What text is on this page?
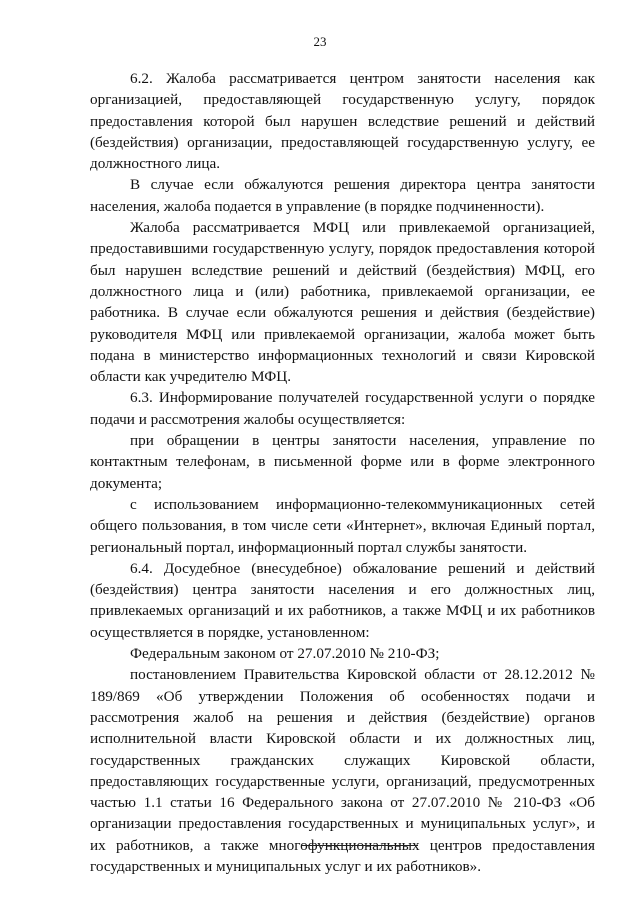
23

6.2. Жалоба рассматривается центром занятости населения как организацией, предоставляющей государственную услугу, порядок предоставления которой был нарушен вследствие решений и действий (бездействия) организации, предоставляющей государственную услугу, ее должностного лица.

В случае если обжалуются решения директора центра занятости населения, жалоба подается в управление (в порядке подчиненности).

Жалоба рассматривается МФЦ или привлекаемой организацией, предоставившими государственную услугу, порядок предоставления которой был нарушен вследствие решений и действий (бездействия) МФЦ, его должностного лица и (или) работника, привлекаемой организации, ее работника. В случае если обжалуются решения и действия (бездействие) руководителя МФЦ или привлекаемой организации, жалоба может быть подана в министерство информационных технологий и связи Кировской области как учредителю МФЦ.

6.3. Информирование получателей государственной услуги о порядке подачи и рассмотрения жалобы осуществляется:

при обращении в центры занятости населения, управление по контактным телефонам, в письменной форме или в форме электронного документа;

с использованием информационно-телекоммуникационных сетей общего пользования, в том числе сети «Интернет», включая Единый портал, региональный портал, информационный портал службы занятости.

6.4. Досудебное (внесудебное) обжалование решений и действий (бездействия) центра занятости населения и его должностных лиц, привлекаемых организаций и их работников, а также МФЦ и их работников осуществляется в порядке, установленном:

Федеральным законом от 27.07.2010 № 210-ФЗ;

постановлением Правительства Кировской области от 28.12.2012 № 189/869 «Об утверждении Положения об особенностях подачи и рассмотрения жалоб на решения и действия (бездействие) органов исполнительной власти Кировской области и их должностных лиц, государственных гражданских служащих Кировской области, предоставляющих государственные услуги, организаций, предусмотренных частью 1.1 статьи 16 Федерального закона от 27.07.2010 № 210-ФЗ «Об организации предоставления государственных и муниципальных услуг», и их работников, а также многофункциональных центров предоставления государственных и муниципальных услуг и их работников».
